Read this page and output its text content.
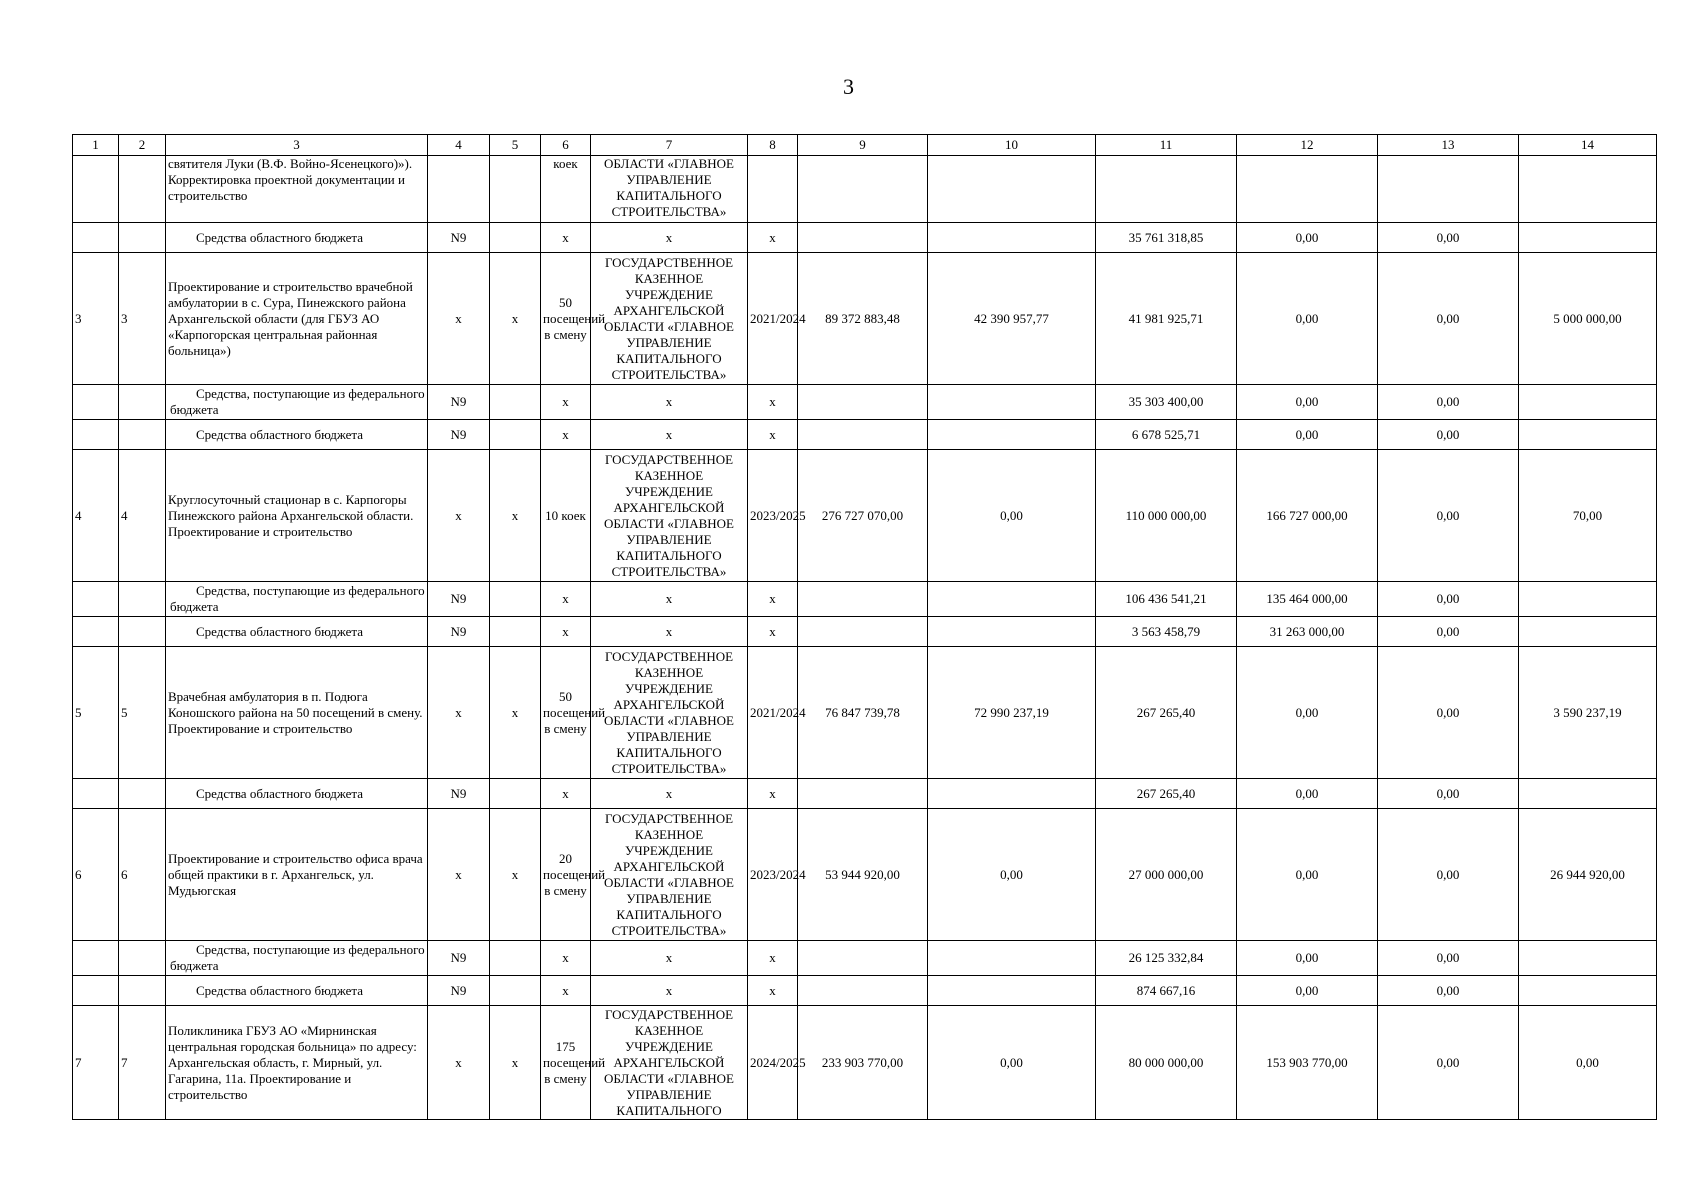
3
1	2	3	4	5	6	7	8	9	10	11	12	13	14
		святителя Луки (В.Ф. Войно-Ясенецкого)»). Корректировка проектной документации и строительство			коек	ОБЛАСТИ «ГЛАВНОЕ УПРАВЛЕНИЕ КАПИТАЛЬНОГО СТРОИТЕЛЬСТВА»							
		Средства областного бюджета	N9		x	x	x			35 761 318,85	0,00	0,00	
3	3	Проектирование и строительство врачебной амбулатории в с. Сура, Пинежского района Архангельской области (для ГБУЗ АО «Карпогорская центральная районная больница»)	x	x	50 посещений в смену	ГОСУДАРСТВЕННОЕ КАЗЕННОЕ УЧРЕЖДЕНИЕ АРХАНГЕЛЬСКОЙ ОБЛАСТИ «ГЛАВНОЕ УПРАВЛЕНИЕ КАПИТАЛЬНОГО СТРОИТЕЛЬСТВА»	2021/2024	89 372 883,48	42 390 957,77	41 981 925,71	0,00	0,00	5 000 000,00
		Средства, поступающие из федерального бюджета	N9		x	x	x			35 303 400,00	0,00	0,00	
		Средства областного бюджета	N9		x	x	x			6 678 525,71	0,00	0,00	
4	4	Круглосуточный стационар в с. Карпогоры Пинежского района Архангельской области. Проектирование и строительство	x	x	10 коек	ГОСУДАРСТВЕННОЕ КАЗЕННОЕ УЧРЕЖДЕНИЕ АРХАНГЕЛЬСКОЙ ОБЛАСТИ «ГЛАВНОЕ УПРАВЛЕНИЕ КАПИТАЛЬНОГО СТРОИТЕЛЬСТВА»	2023/2025	276 727 070,00	0,00	110 000 000,00	166 727 000,00	0,00	70,00
		Средства, поступающие из федерального бюджета	N9		x	x	x			106 436 541,21	135 464 000,00	0,00	
		Средства областного бюджета	N9		x	x	x			3 563 458,79	31 263 000,00	0,00	
5	5	Врачебная амбулатория в п. Подюга Коношского района на 50 посещений в смену. Проектирование и строительство	x	x	50 посещений в смену	ГОСУДАРСТВЕННОЕ КАЗЕННОЕ УЧРЕЖДЕНИЕ АРХАНГЕЛЬСКОЙ ОБЛАСТИ «ГЛАВНОЕ УПРАВЛЕНИЕ КАПИТАЛЬНОГО СТРОИТЕЛЬСТВА»	2021/2024	76 847 739,78	72 990 237,19	267 265,40	0,00	0,00	3 590 237,19
		Средства областного бюджета	N9		x	x	x			267 265,40	0,00	0,00	
6	6	Проектирование и строительство офиса врача общей практики в г. Архангельск, ул. Мудьюгская	x	x	20 посещений в смену	ГОСУДАРСТВЕННОЕ КАЗЕННОЕ УЧРЕЖДЕНИЕ АРХАНГЕЛЬСКОЙ ОБЛАСТИ «ГЛАВНОЕ УПРАВЛЕНИЕ КАПИТАЛЬНОГО СТРОИТЕЛЬСТВА»	2023/2024	53 944 920,00	0,00	27 000 000,00	0,00	0,00	26 944 920,00
		Средства, поступающие из федерального бюджета	N9		x	x	x			26 125 332,84	0,00	0,00	
		Средства областного бюджета	N9		x	x	x			874 667,16	0,00	0,00	
7	7	Поликлиника ГБУЗ АО «Мирнинская центральная городская больница» по адресу: Архангельская область, г. Мирный, ул. Гагарина, 11а. Проектирование и строительство	x	x	175 посещений в смену	ГОСУДАРСТВЕННОЕ КАЗЕННОЕ УЧРЕЖДЕНИЕ АРХАНГЕЛЬСКОЙ ОБЛАСТИ «ГЛАВНОЕ УПРАВЛЕНИЕ КАПИТАЛЬНОГО	2024/2025	233 903 770,00	0,00	80 000 000,00	153 903 770,00	0,00	0,00
